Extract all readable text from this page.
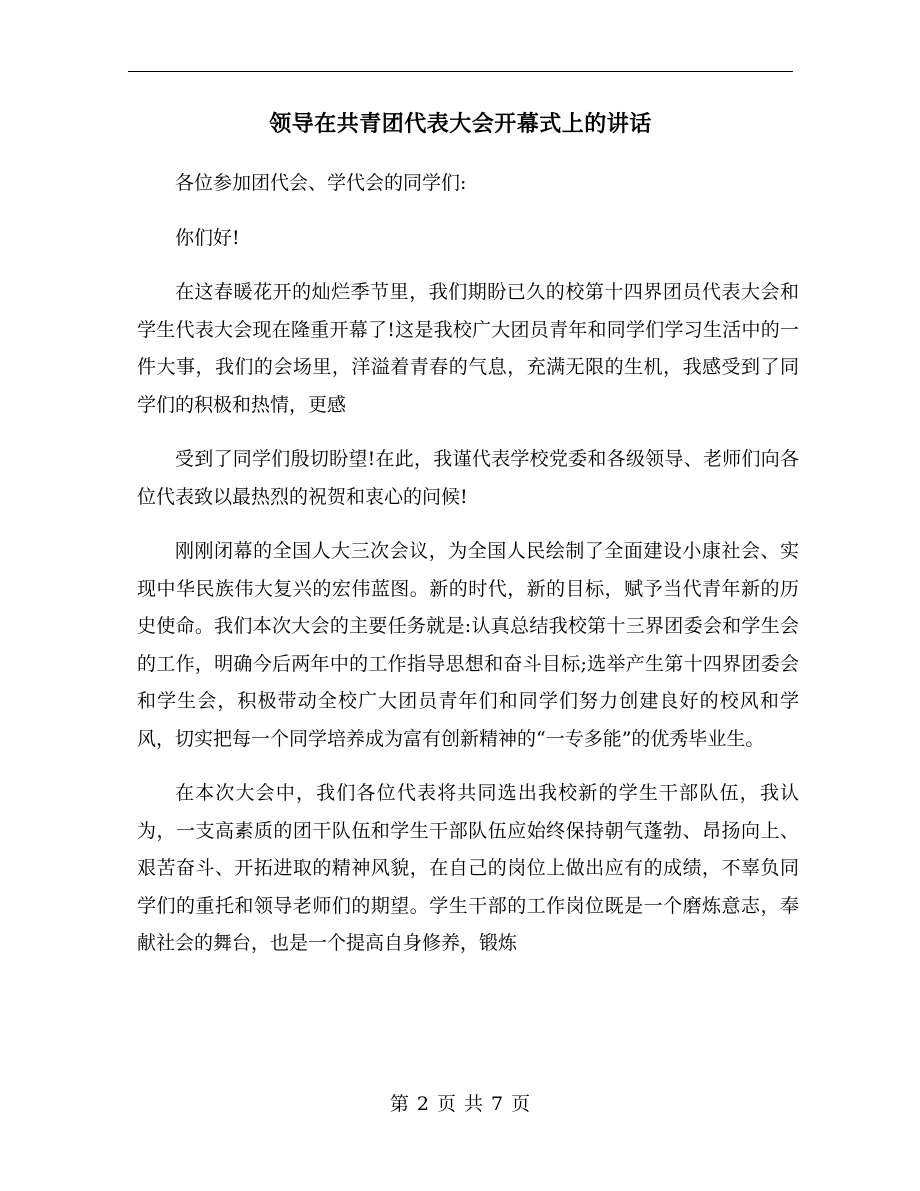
领导在共青团代表大会开幕式上的讲话

各位参加团代会、学代会的同学们:

你们好!

在这春暖花开的灿烂季节里，我们期盼已久的校第十四界团员代表大会和学生代表大会现在隆重开幕了!这是我校广大团员青年和同学们学习生活中的一件大事，我们的会场里，洋溢着青春的气息，充满无限的生机，我感受到了同学们的积极和热情，更感

受到了同学们殷切盼望!在此，我谨代表学校党委和各级领导、老师们向各位代表致以最热烈的祝贺和衷心的问候!

刚刚闭幕的全国人大三次会议，为全国人民绘制了全面建设小康社会、实现中华民族伟大复兴的宏伟蓝图。新的时代，新的目标，赋予当代青年新的历史使命。我们本次大会的主要任务就是:认真总结我校第十三界团委会和学生会的工作，明确今后两年中的工作指导思想和奋斗目标;选举产生第十四界团委会和学生会，积极带动全校广大团员青年们和同学们努力创建良好的校风和学风，切实把每一个同学培养成为富有创新精神的“一专多能”的优秀毕业生。

在本次大会中，我们各位代表将共同选出我校新的学生干部队伍，我认为，一支高素质的团干队伍和学生干部队伍应始终保持朝气蓬勃、昂扬向上、艰苦奋斗、开拓进取的精神风貌，在自己的岗位上做出应有的成绩，不辜负同学们的重托和领导老师们的期望。学生干部的工作岗位既是一个磨炼意志，奉献社会的舞台，也是一个提高自身修养，锻炼

第 2 页 共 7 页
